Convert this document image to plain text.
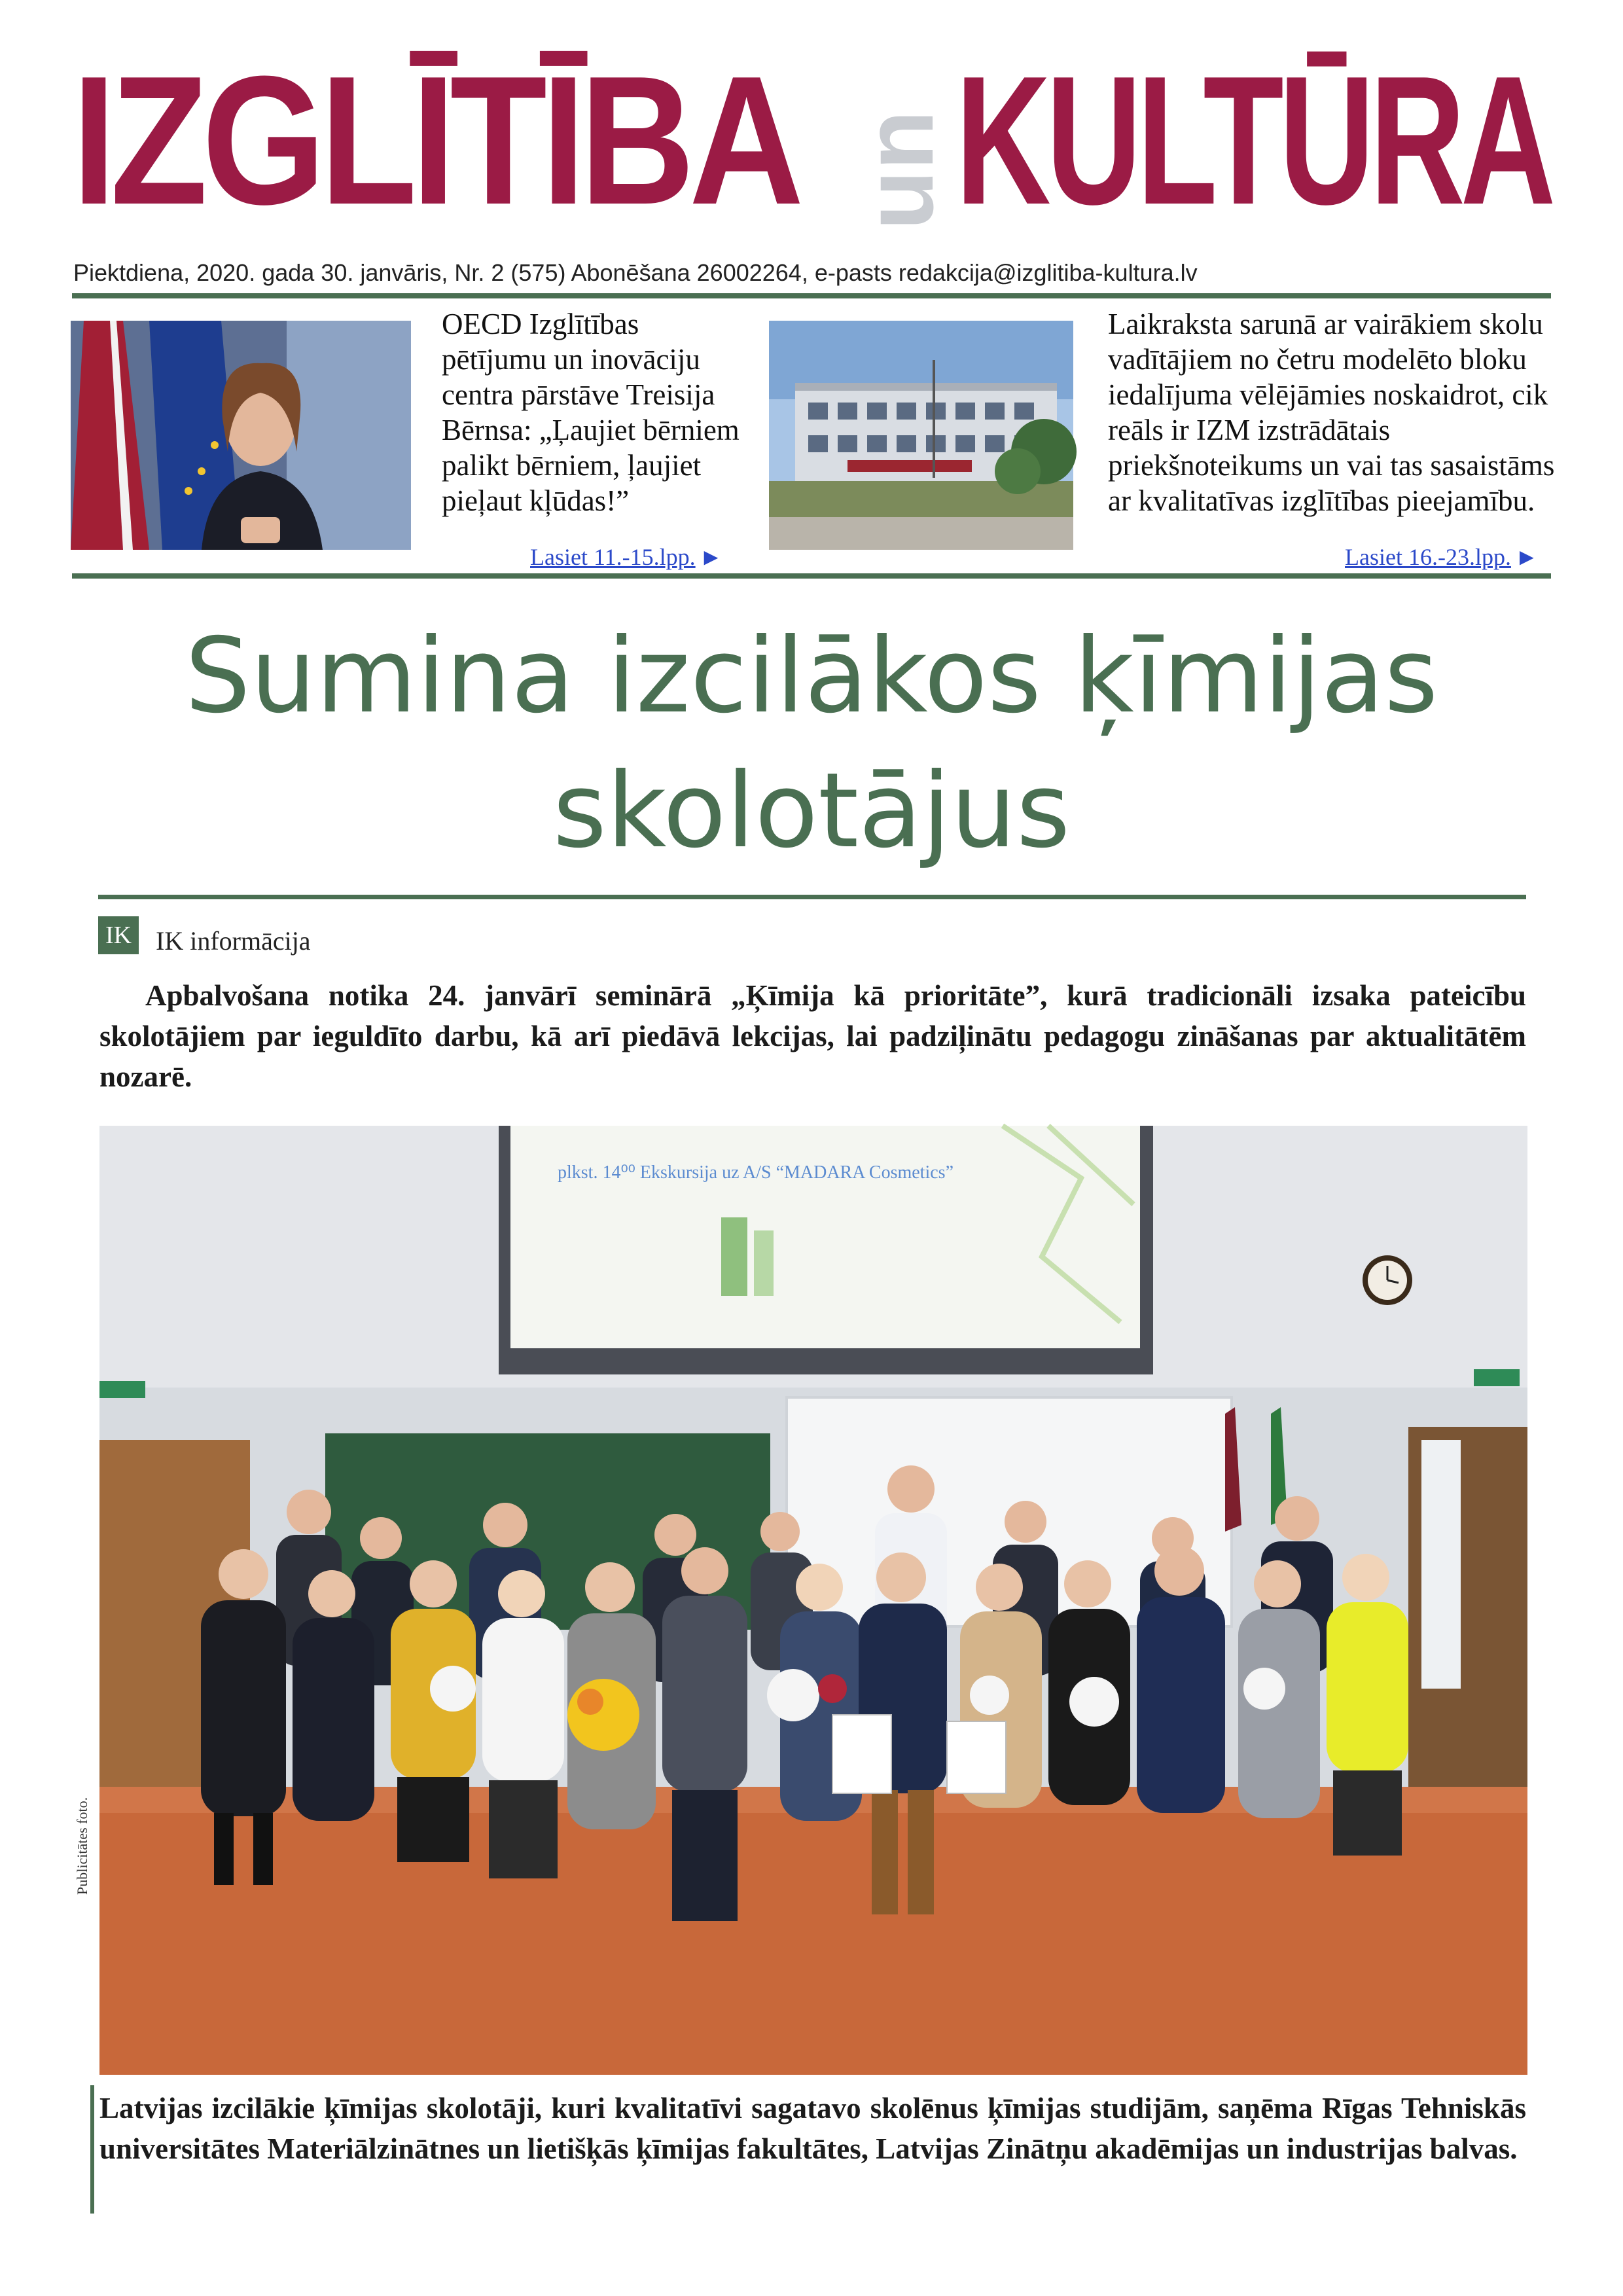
IZGLĪTĪBA un KULTŪRA
Piektdiena, 2020. gada 30. janvāris, Nr. 2 (575) Abonēšana 26002264, e-pasts redakcija@izglitiba-kultura.lv
OECD Izglītības pētījumu un inovāciju centra pārstāve Treisija Bērnsa: „Ļaujiet bērniem palikt bērniem, ļaujiet pieļaut kļūdas!”
Lasiet 11.-15.lpp. ►
Laikraksta sarunā ar vairākiem skolu vadītājiem no četru modelēto bloku iedalījuma vēlējāmies noskaidrot, cik reāls ir IZM izstrādātais priekšnoteikums un vai tas sasaistāms ar kvalitatīvas izglītības pieejamību.
Lasiet 16.-23.lpp. ►
Sumina izcilākos ķīmijas skolotājus
IK IK informācija

Apbalvošana notika 24. janvārī seminārā „Ķīmija kā prioritāte”, kurā tradicionāli izsaka pateicību skolotājiem par ieguldīto darbu, kā arī piedāvā lekcijas, lai padziļinātu pedagogu zināšanas par aktualitātēm nozarē.

plkst. 14⁰⁰ Ekskursija uz A/S “MADARA Cosmetics”
Publicitātes foto.

Latvijas izcilākie ķīmijas skolotāji, kuri kvalitatīvi sagatavo skolēnus ķīmijas studijām, saņēma Rīgas Tehniskās universitātes Materiālzinātnes un lietišķās ķīmijas fakultātes, Latvijas Zinātņu akadēmijas un industrijas balvas.
